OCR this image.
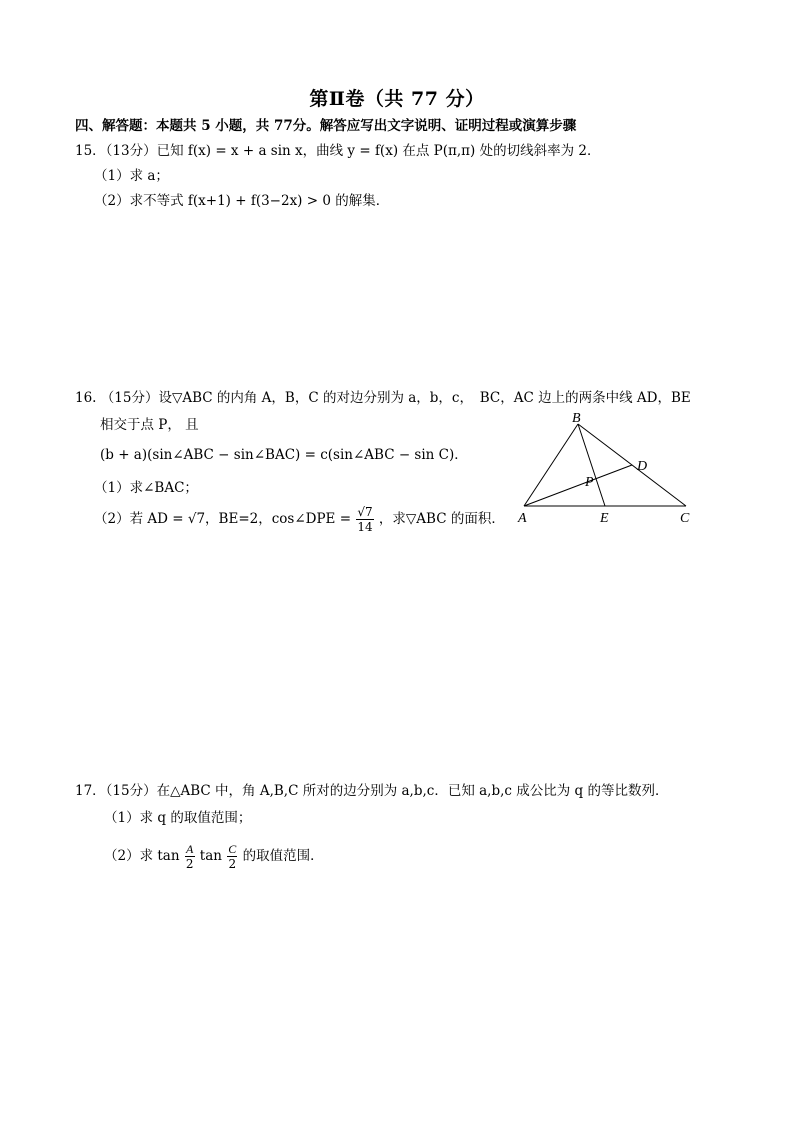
第Ⅱ卷（共 77 分）
四、解答题：本题共 5 小题，共 77分。解答应写出文字说明、证明过程或演算步骤
15．（13分）已知 f(x) = x + a sin x，曲线 y = f(x) 在点 P(π,π) 处的切线斜率为 2．
（1）求 a；
（2）求不等式 f(x+1) + f(3−2x) > 0 的解集．
16. （15分）设▽ABC 的内角 A，B，C 的对边分别为 a，b，c，　BC，AC 边上的两条中线 AD，BE
相交于点 P， 且
(b + a)(sin∠ABC − sin∠BAC) = c(sin∠ABC − sin C)．
（1）求∠BAC；
（2）若 AD = √7，BE=2，cos∠DPE = $\frac{√7}{14}$ ，求▽ABC 的面积．
B
A	E	C
D
P
17．（15分）在△ABC 中，角 A,B,C 所对的边分别为 a,b,c．已知 a,b,c 成公比为 q 的等比数列．
（1）求 q 的取值范围；
（2）求 $\tan \frac{A}{2}$ $\tan \frac{C}{2}$ 的取值范围．
